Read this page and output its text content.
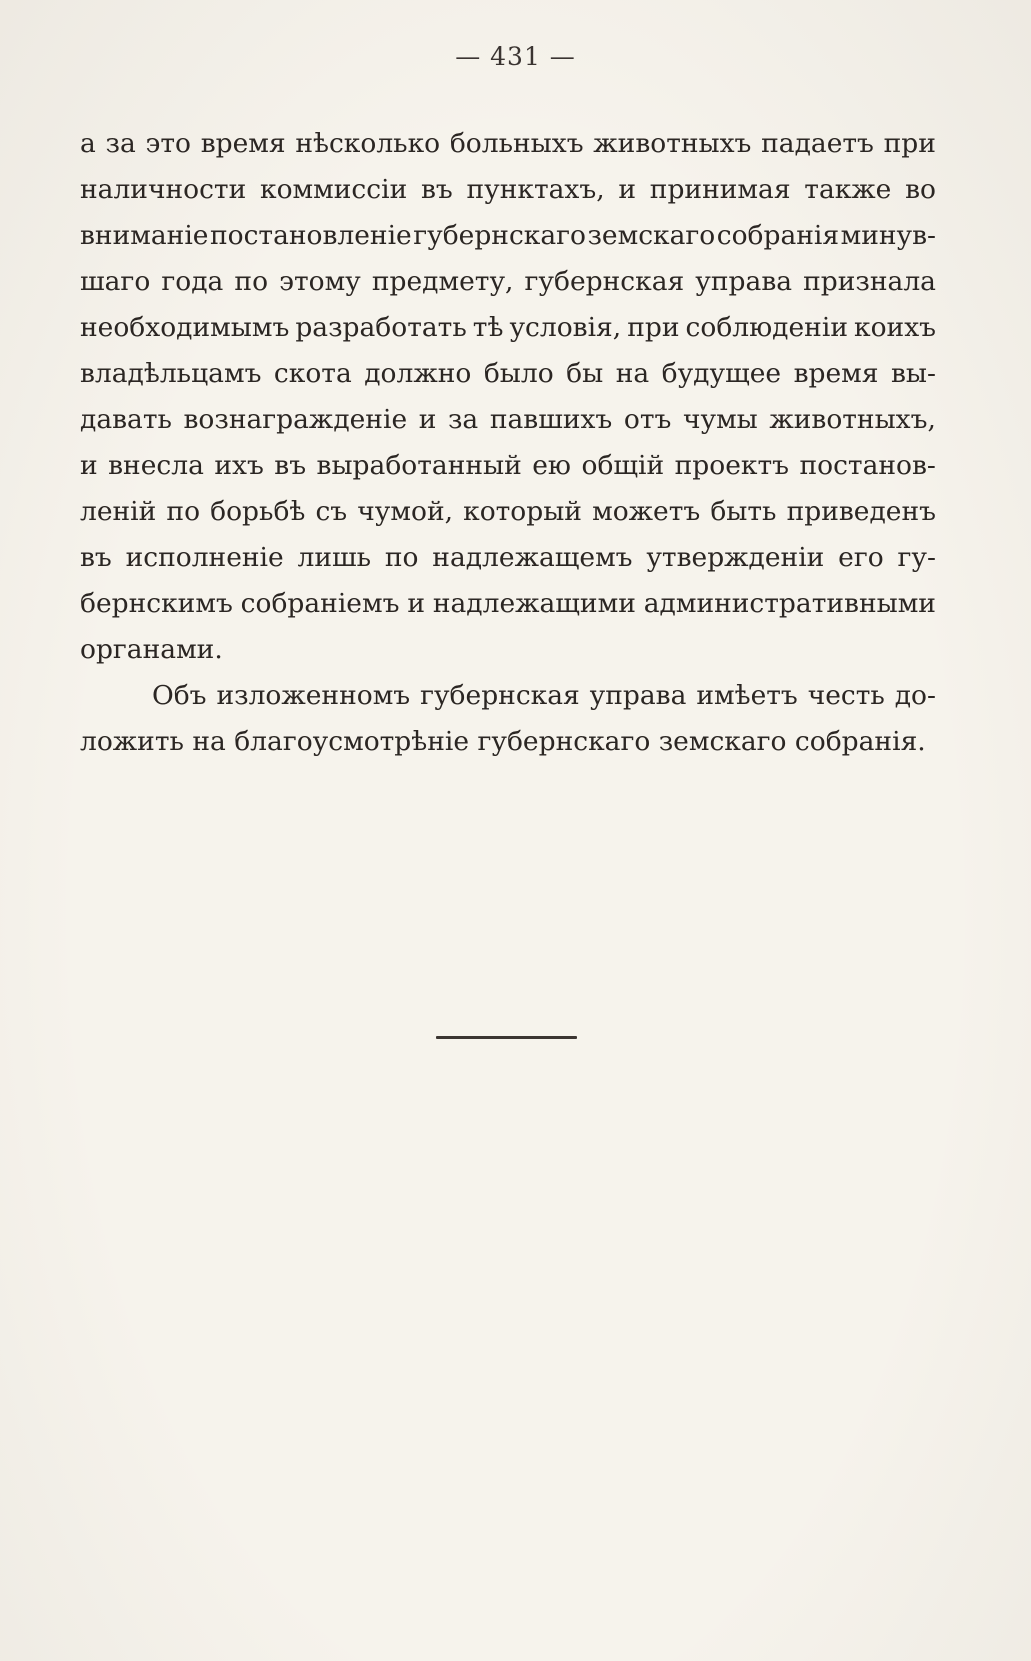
— 431 —
а за это время нѣсколько больныхъ животныхъ падаетъ при
наличности коммиссіи въ пунктахъ, и принимая также во
вниманіе постановленіе губернскаго земскаго собранія минув-
шаго года по этому предмету, губернская управа признала
необходимымъ разработать тѣ условія, при соблюденіи коихъ
владѣльцамъ скота должно было бы на будущее время вы-
давать вознагражденіе и за павшихъ отъ чумы животныхъ,
и внесла ихъ въ выработанный ею общій проектъ постанов-
леній по борьбѣ съ чумой, который можетъ быть приведенъ
въ исполненіе лишь по надлежащемъ утвержденіи его гу-
бернскимъ собраніемъ и надлежащими административными
органами.
Объ изложенномъ губернская управа имѣетъ честь до-
ложить на благоусмотрѣніе губернскаго земскаго собранія.
